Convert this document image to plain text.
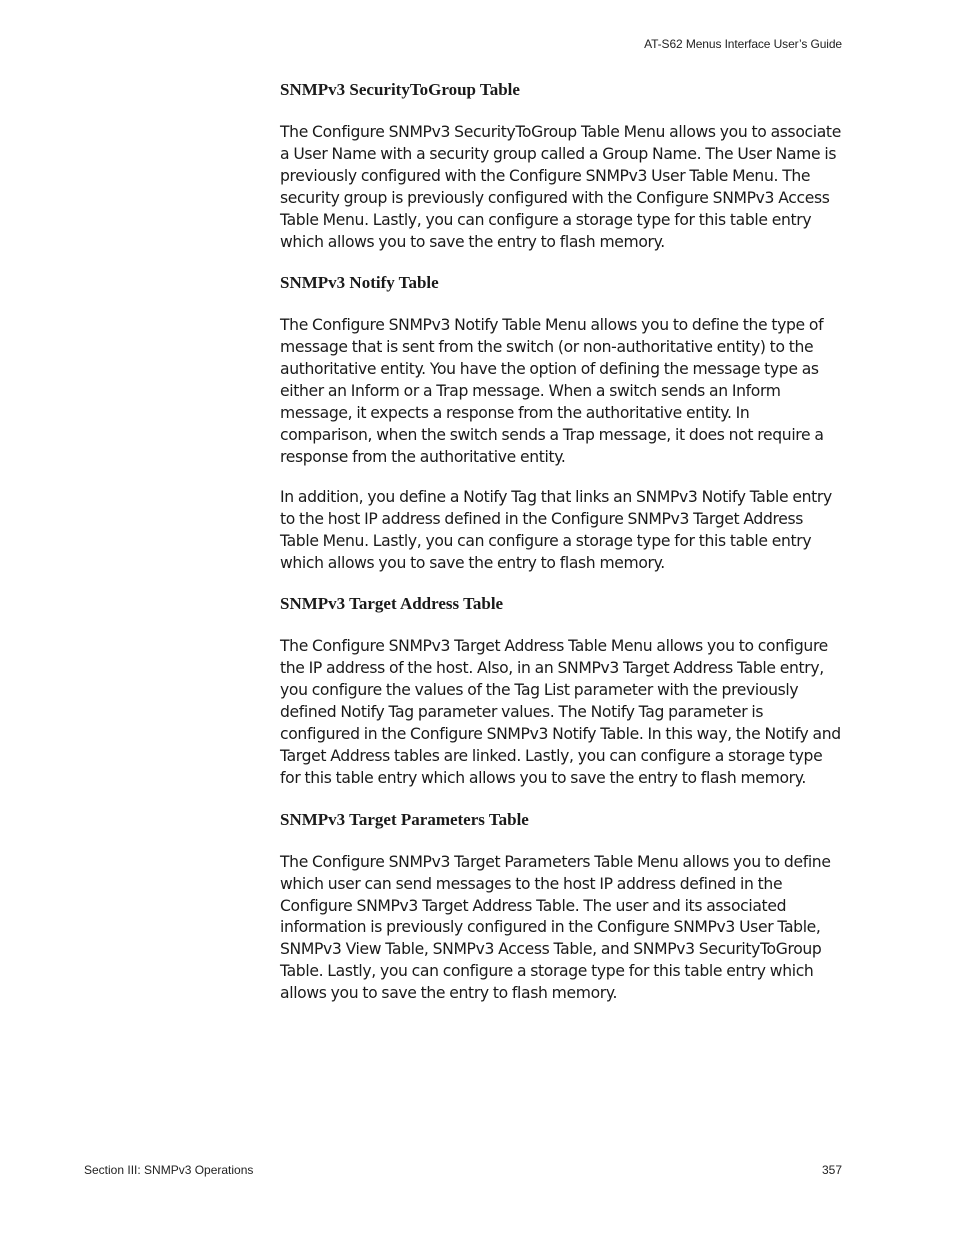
AT-S62 Menus Interface User’s Guide
SNMPv3 SecurityToGroup Table

The Configure SNMPv3 SecurityToGroup Table Menu allows you to associate a User Name with a security group called a Group Name. The User Name is previously configured with the Configure SNMPv3 User Table Menu. The security group is previously configured with the Configure SNMPv3 Access Table Menu. Lastly, you can configure a storage type for this table entry which allows you to save the entry to flash memory.

SNMPv3 Notify Table

The Configure SNMPv3 Notify Table Menu allows you to define the type of message that is sent from the switch (or non-authoritative entity) to the authoritative entity. You have the option of defining the message type as either an Inform or a Trap message. When a switch sends an Inform message, it expects a response from the authoritative entity. In comparison, when the switch sends a Trap message, it does not require a response from the authoritative entity.

In addition, you define a Notify Tag that links an SNMPv3 Notify Table entry to the host IP address defined in the Configure SNMPv3 Target Address Table Menu. Lastly, you can configure a storage type for this table entry which allows you to save the entry to flash memory.

SNMPv3 Target Address Table

The Configure SNMPv3 Target Address Table Menu allows you to configure the IP address of the host. Also, in an SNMPv3 Target Address Table entry, you configure the values of the Tag List parameter with the previously defined Notify Tag parameter values. The Notify Tag parameter is configured in the Configure SNMPv3 Notify Table. In this way, the Notify and Target Address tables are linked. Lastly, you can configure a storage type for this table entry which allows you to save the entry to flash memory.

SNMPv3 Target Parameters Table

The Configure SNMPv3 Target Parameters Table Menu allows you to define which user can send messages to the host IP address defined in the Configure SNMPv3 Target Address Table. The user and its associated information is previously configured in the Configure SNMPv3 User Table, SNMPv3 View Table, SNMPv3 Access Table, and SNMPv3 SecurityToGroup Table. Lastly, you can configure a storage type for this table entry which allows you to save the entry to flash memory.

Section III: SNMPv3 Operations	357
